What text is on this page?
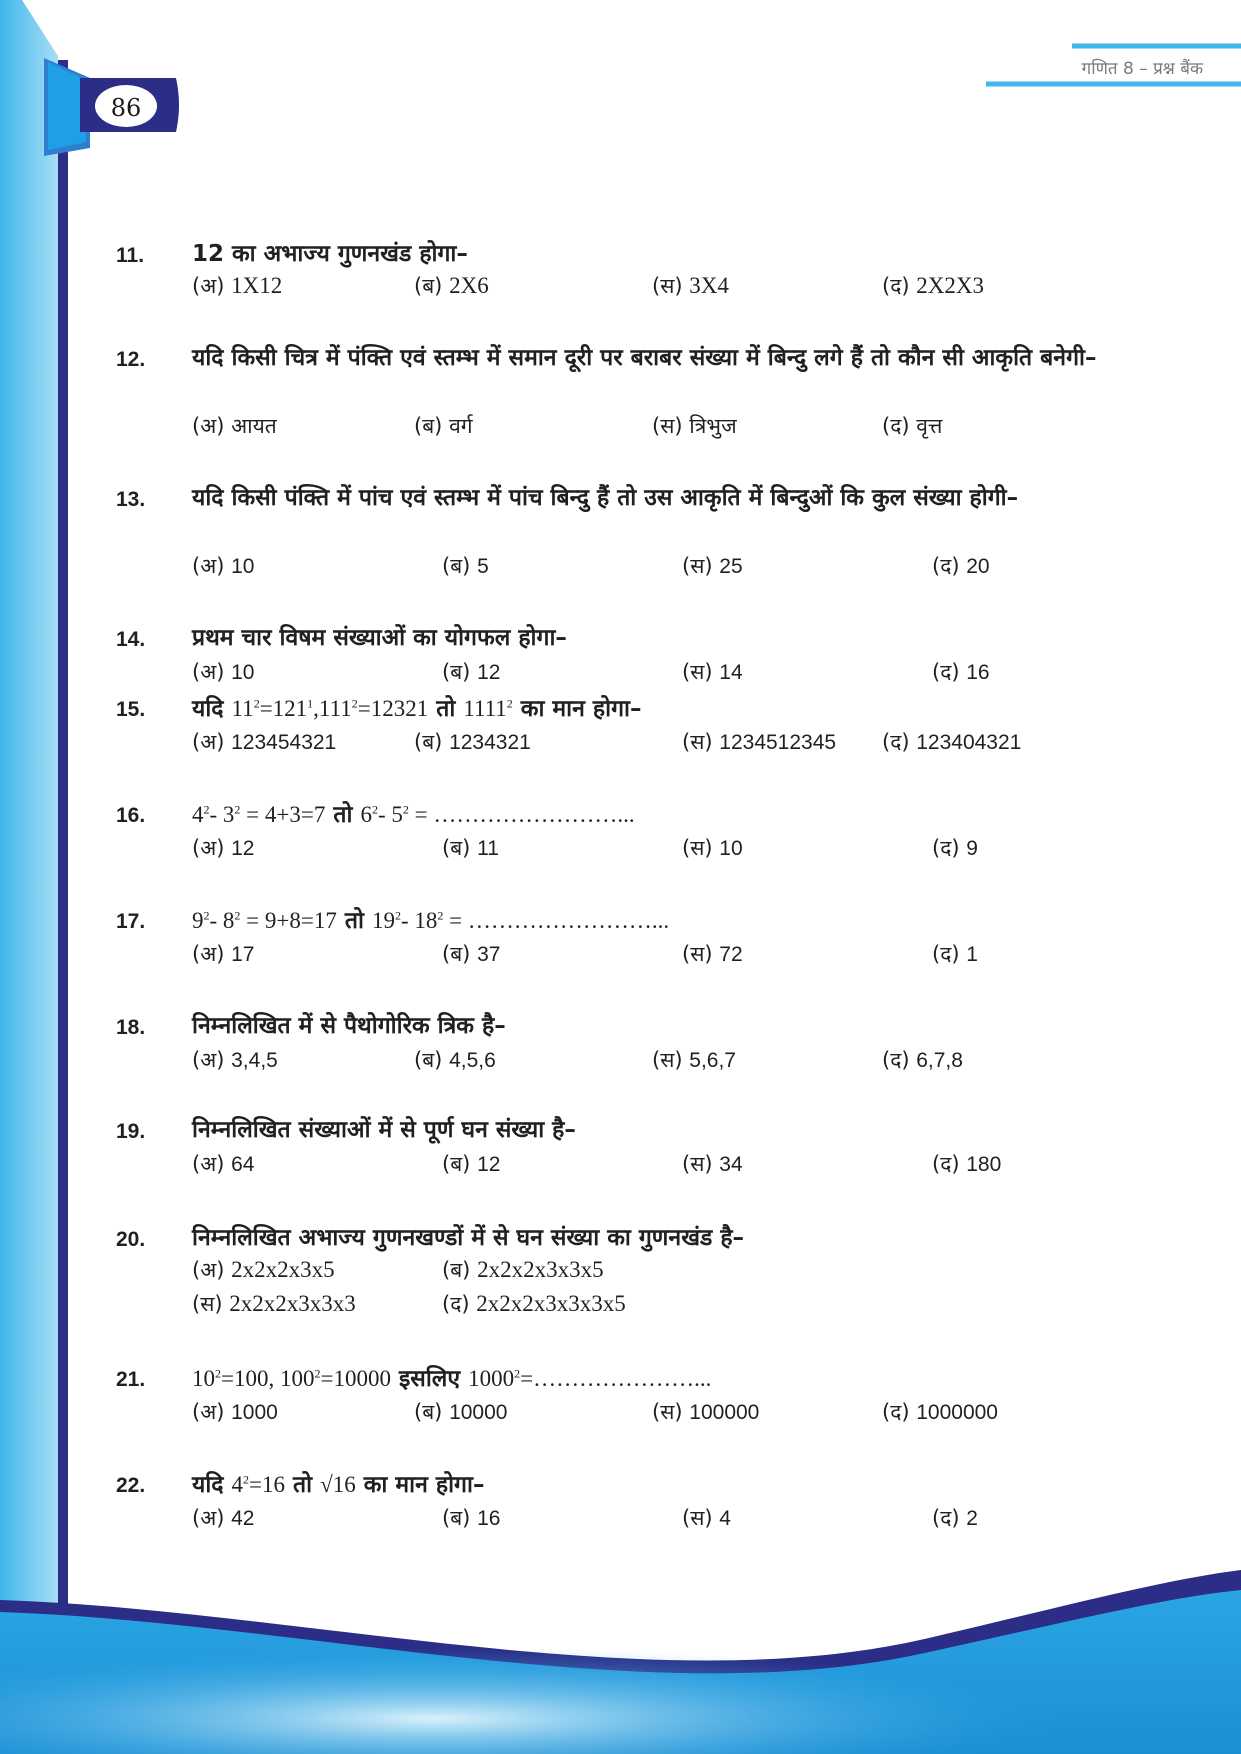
86
गणित 8 – प्रश्न बैंक
11.	12 का अभाज्य गुणनखंड होगा–
(अ) 1X12	(ब) 2X6	(स) 3X4	(द) 2X2X3
12.	यदि किसी चित्र में पंक्ति एवं स्तम्भ में समान दूरी पर बराबर संख्या में बिन्दु लगे हैं तो कौन सी आकृति बनेगी–
(अ) आयत	(ब) वर्ग	(स) त्रिभुज	(द) वृत्त
13.	यदि किसी पंक्ति में पांच एवं स्तम्भ में पांच बिन्दु हैं तो उस आकृति में बिन्दुओं कि कुल संख्या होगी–
(अ) 10	(ब) 5	(स) 25	(द) 20
14.	प्रथम चार विषम संख्याओं का योगफल होगा–
(अ) 10	(ब) 12	(स) 14	(द) 16
15.	यदि $11^2=121^1,111^2=12321$ तो 1111$^2$ का मान होगा–
(अ) 123454321	(ब) 1234321	(स) 1234512345 (द) 123404321
16.	$4^2-$ $3^2 = 4+3=7$ तो $6^2-$ $5^2$ = ……………………...
(अ) 12	(ब) 11	(स) 10	(द) 9
17.	$9^2-$ $8^2 = 9+8=17$ तो $19^2-$ $18^2$ = ……………………...
(अ) 17	(ब) 37	(स) 72	(द) 1
18.	निम्नलिखित में से पैथोगोरिक त्रिक है–
(अ) 3,4,5	(ब) 4,5,6	(स) 5,6,7	(द) 6,7,8
19.	निम्नलिखित संख्याओं में से पूर्ण घन संख्या है–
(अ) 64	(ब) 12	(स) 34	(द) 180
20.	निम्नलिखित अभाज्य गुणनखण्डों में से घन संख्या का गुणनखंड है–
(अ) 2x2x2x3x5	(ब) 2x2x2x3x3x5
(स) 2x2x2x3x3x3	(द) 2x2x2x3x3x3x5
21.	$10^2=100$, $100^2=10000$ इसलिए $1000^2=\dots\dots\dots\dots\dots\dots\dots$...
(अ) 1000	(ब) 10000	(स) 100000	(द) 1000000
22.	यदि $4^2=16$ तो √16 का मान होगा–
(अ) 42	(ब) 16	(स) 4	(द) 2
